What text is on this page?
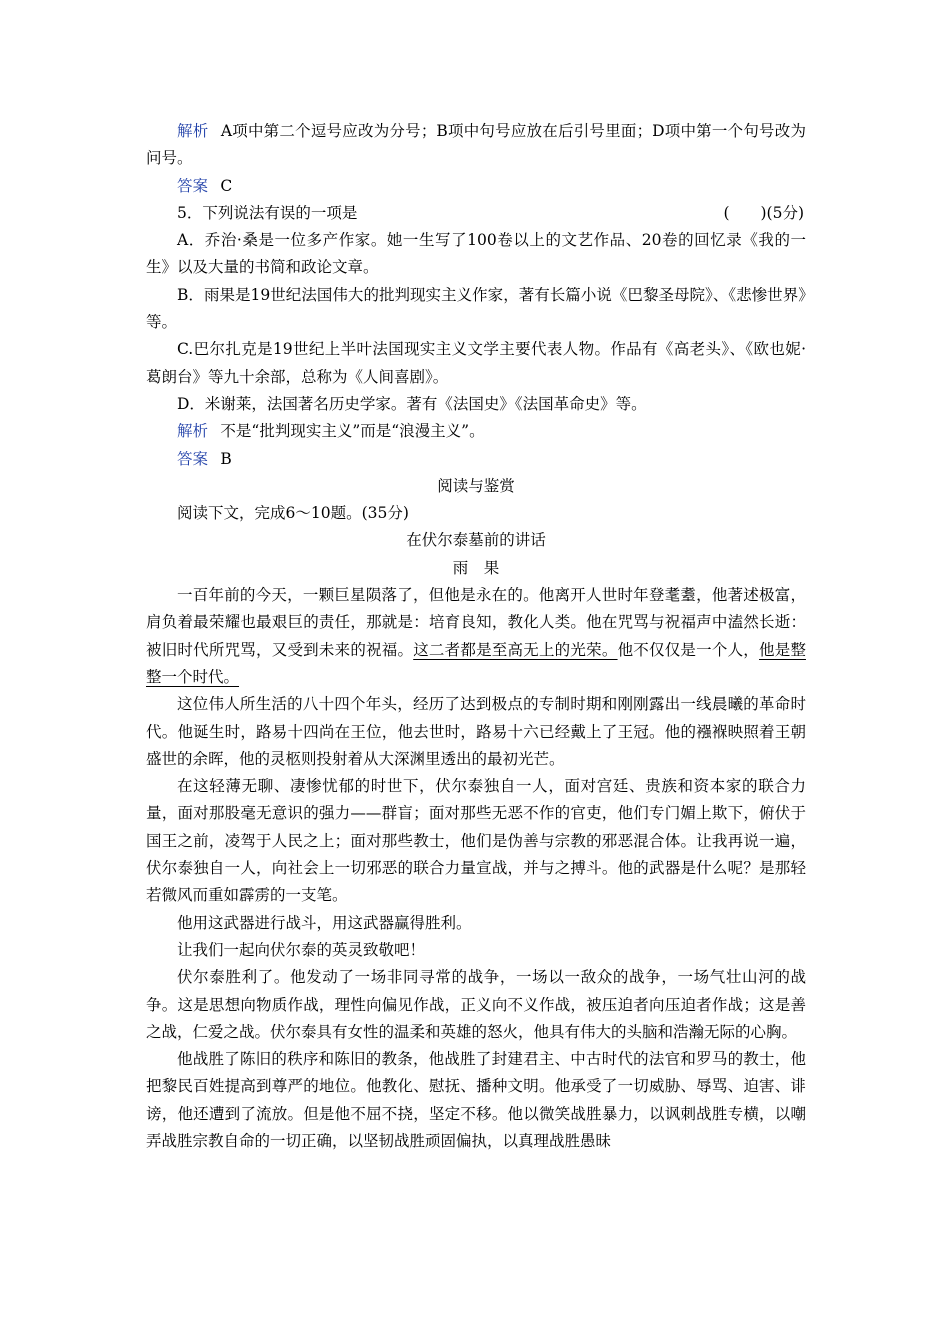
解析 A项中第二个逗号应改为分号；B项中句号应放在后引号里面；D项中第一个句号改为问号。

答案 C

5．下列说法有误的一项是	(　　)(5分)

A．乔治·桑是一位多产作家。她一生写了100卷以上的文艺作品、20卷的回忆录《我的一生》以及大量的书简和政论文章。

B．雨果是19世纪法国伟大的批判现实主义作家，著有长篇小说《巴黎圣母院》、《悲惨世界》等。

C.巴尔扎克是19世纪上半叶法国现实主义文学主要代表人物。作品有《高老头》、《欧也妮·葛朗台》等九十余部，总称为《人间喜剧》。

D．米谢莱，法国著名历史学家。著有《法国史》《法国革命史》等。

解析 不是“批判现实主义”而是“浪漫主义”。

答案 B

阅读与鉴赏

阅读下文，完成6～10题。(35分)

在伏尔泰墓前的讲话

雨　果

一百年前的今天，一颗巨星陨落了，但他是永在的。他离开人世时年登耄耋，他著述极富，肩负着最荣耀也最艰巨的责任，那就是：培育良知，教化人类。他在咒骂与祝福声中溘然长逝：被旧时代所咒骂，又受到未来的祝福。这二者都是至高无上的光荣。他不仅仅是一个人，他是整整一个时代。

这位伟人所生活的八十四个年头，经历了达到极点的专制时期和刚刚露出一线晨曦的革命时代。他诞生时，路易十四尚在王位，他去世时，路易十六已经戴上了王冠。他的襁褓映照着王朝盛世的余晖，他的灵柩则投射着从大深渊里透出的最初光芒。

在这轻薄无聊、凄惨忧郁的时世下，伏尔泰独自一人，面对宫廷、贵族和资本家的联合力量，面对那股毫无意识的强力——群盲；面对那些无恶不作的官吏，他们专门媚上欺下，俯伏于国王之前，凌驾于人民之上；面对那些教士，他们是伪善与宗教的邪恶混合体。让我再说一遍，伏尔泰独自一人，向社会上一切邪恶的联合力量宣战，并与之搏斗。他的武器是什么呢？是那轻若微风而重如霹雳的一支笔。

他用这武器进行战斗，用这武器赢得胜利。

让我们一起向伏尔泰的英灵致敬吧！

伏尔泰胜利了。他发动了一场非同寻常的战争，一场以一敌众的战争，一场气壮山河的战争。这是思想向物质作战，理性向偏见作战，正义向不义作战，被压迫者向压迫者作战；这是善之战，仁爱之战。伏尔泰具有女性的温柔和英雄的怒火，他具有伟大的头脑和浩瀚无际的心胸。

他战胜了陈旧的秩序和陈旧的教条，他战胜了封建君主、中古时代的法官和罗马的教士，他把黎民百姓提高到尊严的地位。他教化、慰抚、播种文明。他承受了一切威胁、辱骂、迫害、诽谤，他还遭到了流放。但是他不屈不挠，坚定不移。他以微笑战胜暴力，以讽刺战胜专横，以嘲弄战胜宗教自命的一切正确，以坚韧战胜顽固偏执，以真理战胜愚昧
